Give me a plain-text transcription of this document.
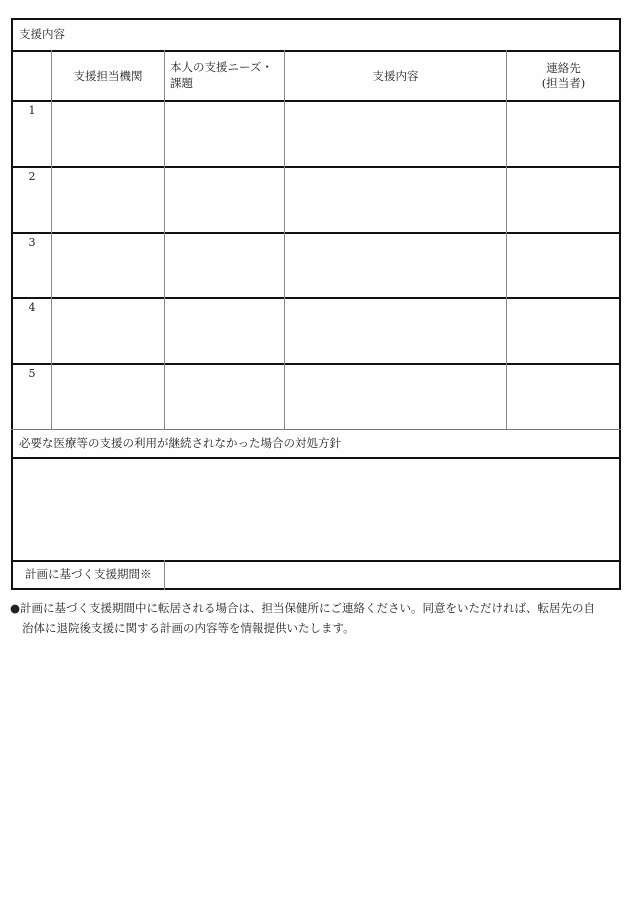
支援内容
支援担当機関
本人の支援ニーズ・
課題	支援内容
連絡先
(担当者)
1
2
3
4
5
必要な医療等の支援の利用が継続されなかった場合の対処方針
計画に基づく支援期間※
●計画に基づく支援期間中に転居される場合は、担当保健所にご連絡ください。同意をいただければ、転居先の自
治体に退院後支援に関する計画の内容等を情報提供いたします。
